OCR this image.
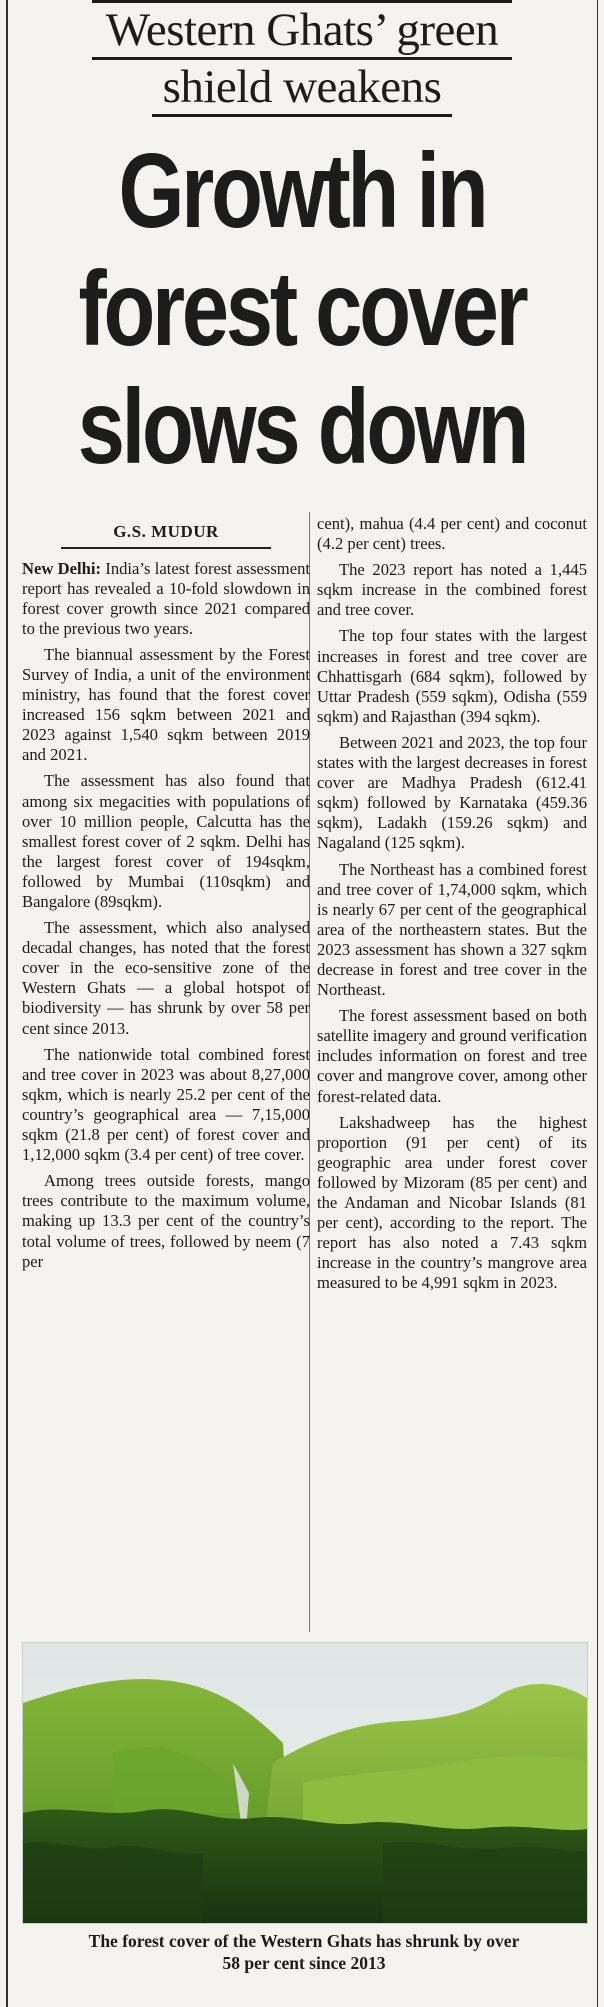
Western Ghats’ green
shield weakens
Growth in
forest cover
slows down
G.S. MUDUR

New Delhi: India’s latest forest assessment report has revealed a 10-fold slowdown in forest cover growth since 2021 compared to the previous two years.

The biannual assessment by the Forest Survey of India, a unit of the environment ministry, has found that the forest cover increased 156 sqkm between 2021 and 2023 against 1,540 sqkm between 2019 and 2021.

The assessment has also found that among six megacities with populations of over 10 million people, Calcutta has the smallest forest cover of 2 sqkm. Delhi has the largest forest cover of 194sqkm, followed by Mumbai (110sqkm) and Bangalore (89sqkm).

The assessment, which also analysed decadal changes, has noted that the forest cover in the eco-sensitive zone of the Western Ghats — a global hotspot of biodiversity — has shrunk by over 58 per cent since 2013.

The nationwide total combined forest and tree cover in 2023 was about 8,27,000 sqkm, which is nearly 25.2 per cent of the country’s geographical area — 7,15,000 sqkm (21.8 per cent) of forest cover and 1,12,000 sqkm (3.4 per cent) of tree cover.

Among trees outside forests, mango trees contribute to the maximum volume, making up 13.3 per cent of the country’s total volume of trees, followed by neem (7 per

cent), mahua (4.4 per cent) and coconut (4.2 per cent) trees.

The 2023 report has noted a 1,445 sqkm increase in the combined forest and tree cover.

The top four states with the largest increases in forest and tree cover are Chhattisgarh (684 sqkm), followed by Uttar Pradesh (559 sqkm), Odisha (559 sqkm) and Rajasthan (394 sqkm).

Between 2021 and 2023, the top four states with the largest decreases in forest cover are Madhya Pradesh (612.41 sqkm) followed by Karnataka (459.36 sqkm), Ladakh (159.26 sqkm) and Nagaland (125 sqkm).

The Northeast has a combined forest and tree cover of 1,74,000 sqkm, which is nearly 67 per cent of the geographical area of the northeastern states. But the 2023 assessment has shown a 327 sqkm decrease in forest and tree cover in the Northeast.

The forest assessment based on both satellite imagery and ground verification includes information on forest and tree cover and mangrove cover, among other forest-related data.

Lakshadweep has the highest proportion (91 per cent) of its geographic area under forest cover followed by Mizoram (85 per cent) and the Andaman and Nicobar Islands (81 per cent), according to the report. The report has also noted a 7.43 sqkm increase in the country’s mangrove area measured to be 4,991 sqkm in 2023.

The forest cover of the Western Ghats has shrunk by over
58 per cent since 2013
